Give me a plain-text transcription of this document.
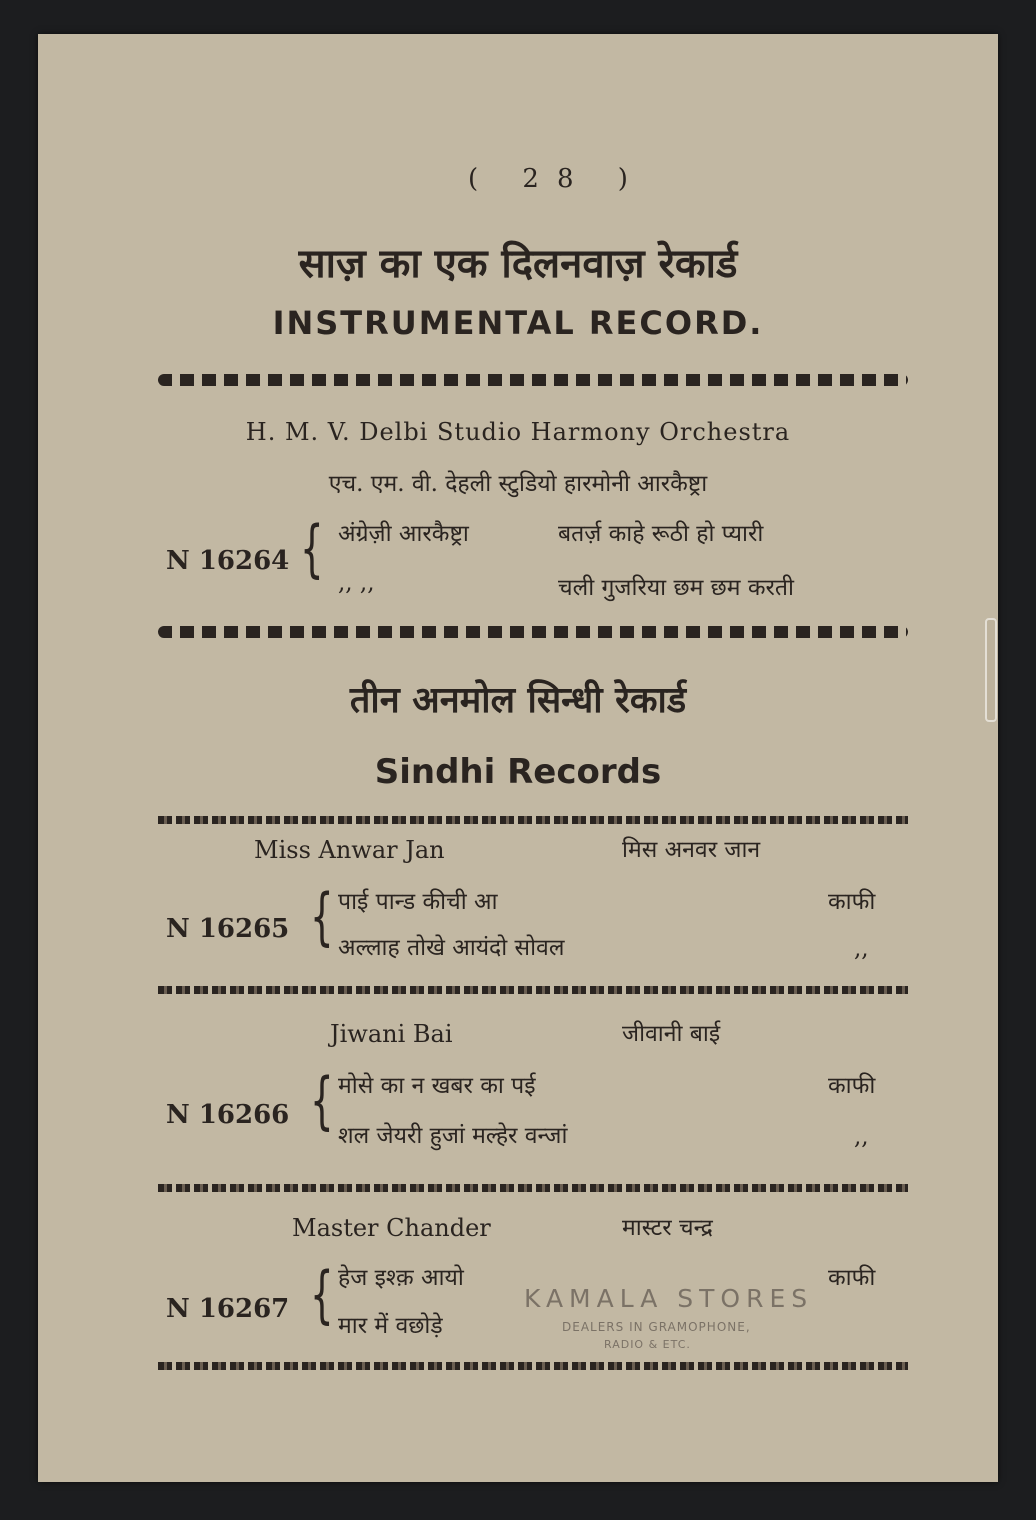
( 28 )
साज़ का एक दिलनवाज़ रेकार्ड
INSTRUMENTAL RECORD.
H. M. V. Delbi Studio Harmony Orchestra
एच. एम. वी. देहली स्टुडियो हारमोनी आरकैष्ट्रा
N 16264 { अंग्रेज़ी आरकैष्ट्रा	बतर्ज़ काहे रूठी हो प्यारी
,, ,,	चली गुजरिया छम छम करती
तीन अनमोल सिन्धी रेकार्ड
Sindhi Records
Miss Anwar Jan	मिस अनवर जान
N 16265 { पाई पान्ड कीची आ	काफी
अल्लाह तोखे आयंदो सोवल	,,
Jiwani Bai	जीवानी बाई
N 16266 { मोसे का न खबर का पई	काफी
शल जेयरी हुजां मल्हेर वन्जां	,,
Master Chander	मास्टर चन्द्र
N 16267 { हेज इश्क़ आयो	काफी
मार में वछोड़े
KAMALA STORES
DEALERS IN GRAMOPHONE,
RADIO & ETC.
